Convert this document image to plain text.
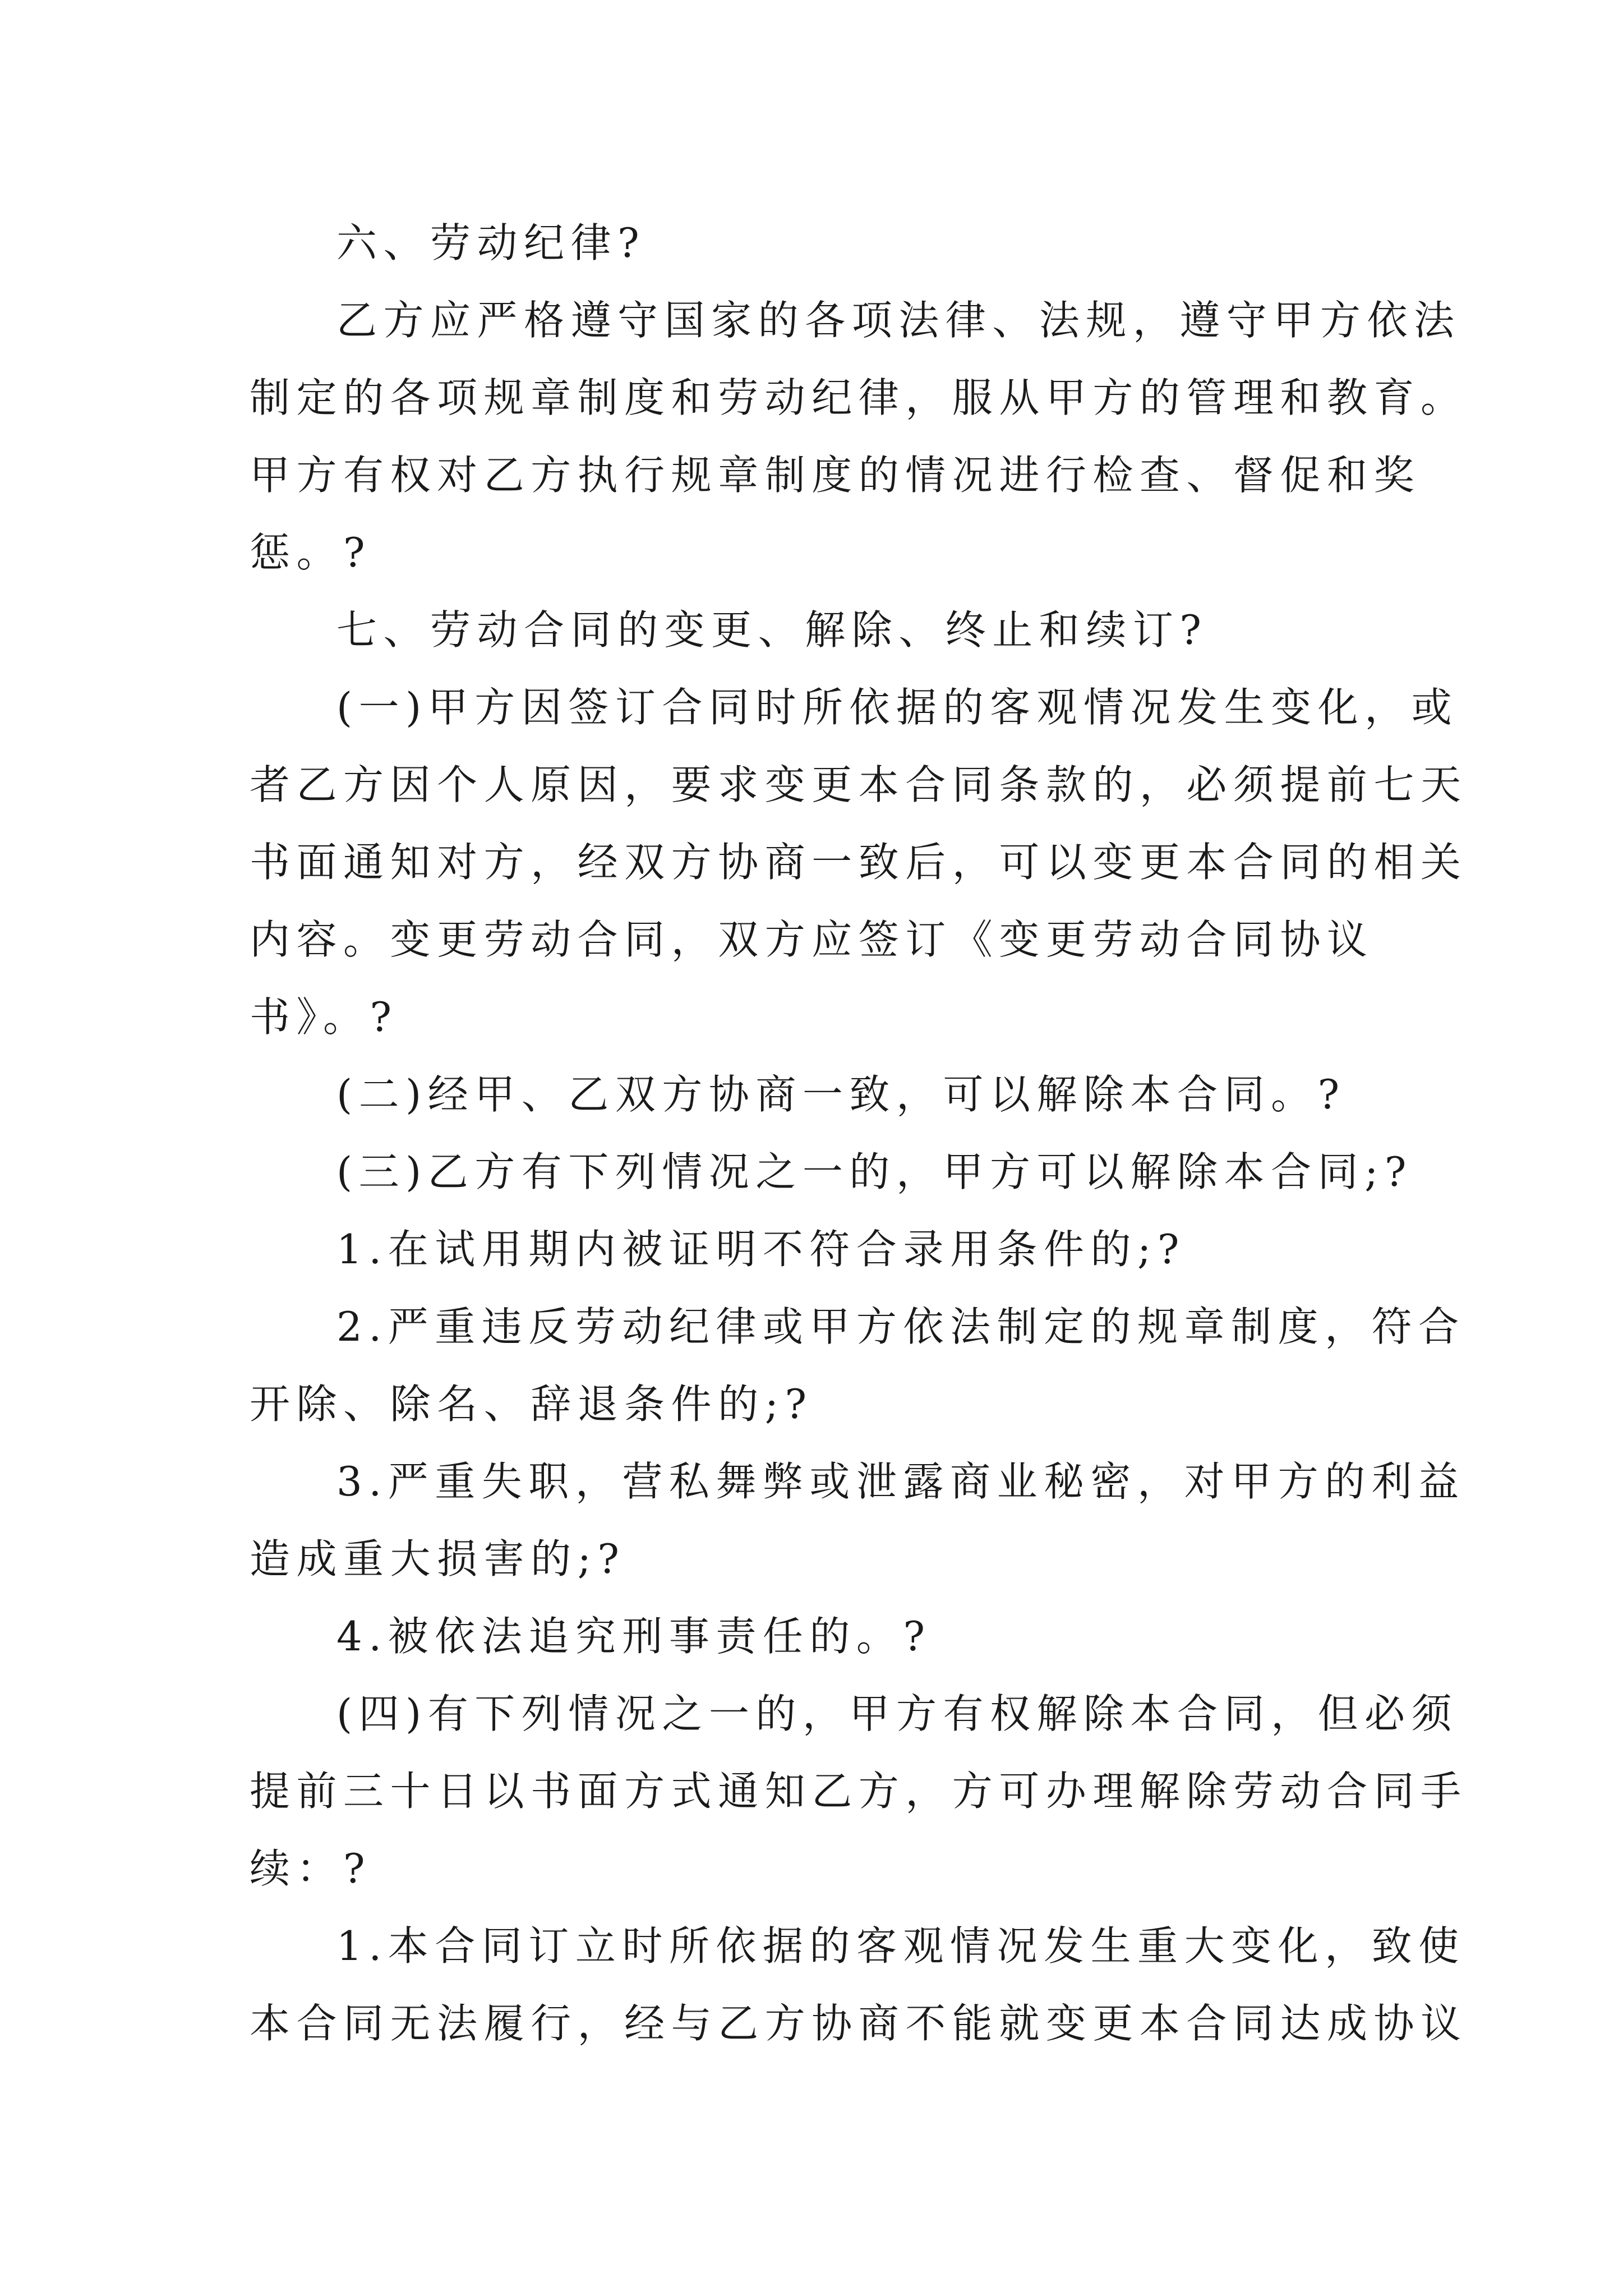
六、劳动纪律?

乙方应严格遵守国家的各项法律、法规，遵守甲方依法

制定的各项规章制度和劳动纪律，服从甲方的管理和教育。

甲方有权对乙方执行规章制度的情况进行检查、督促和奖

惩。?

七、劳动合同的变更、解除、终止和续订?

(一)甲方因签订合同时所依据的客观情况发生变化，或

者乙方因个人原因，要求变更本合同条款的，必须提前七天

书面通知对方，经双方协商一致后，可以变更本合同的相关

内容。变更劳动合同，双方应签订《变更劳动合同协议

书》。?

(二)经甲、乙双方协商一致，可以解除本合同。?

(三)乙方有下列情况之一的，甲方可以解除本合同;?

1.在试用期内被证明不符合录用条件的;?

2.严重违反劳动纪律或甲方依法制定的规章制度，符合

开除、除名、辞退条件的;?

3.严重失职，营私舞弊或泄露商业秘密，对甲方的利益

造成重大损害的;?

4.被依法追究刑事责任的。?

(四)有下列情况之一的，甲方有权解除本合同，但必须

提前三十日以书面方式通知乙方，方可办理解除劳动合同手

续：?

1.本合同订立时所依据的客观情况发生重大变化，致使

本合同无法履行，经与乙方协商不能就变更本合同达成协议
